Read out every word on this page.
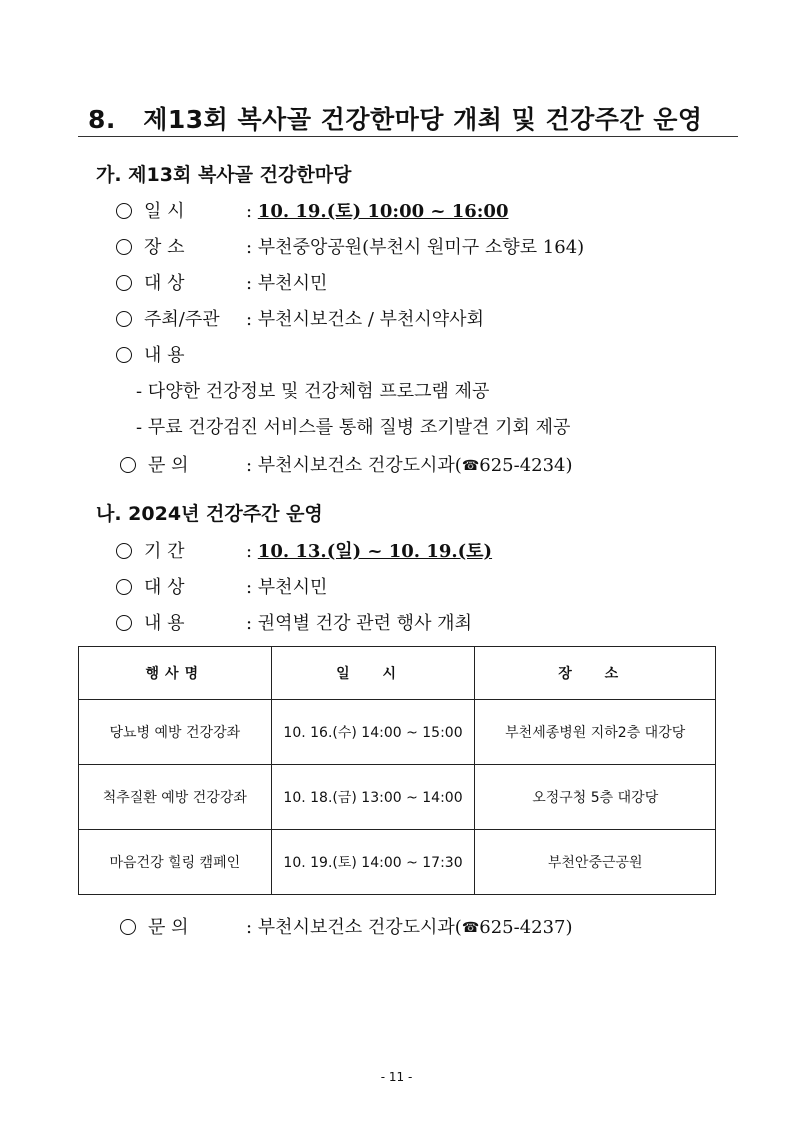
8. 제13회 복사골 건강한마당 개최 및 건강주간 운영
가. 제13회 복사골 건강한마당
일 시	: 10. 19.(토) 10:00 ~ 16:00
장 소	: 부천중앙공원(부천시 원미구 소향로 164)
대 상	: 부천시민
주최/주관 : 부천시보건소 / 부천시약사회
내 용
- 다양한 건강정보 및 건강체험 프로그램 제공
- 무료 건강검진 서비스를 통해 질병 조기발견 기회 제공
문 의	: 부천시보건소 건강도시과(☎625-4234)
나. 2024년 건강주간 운영
기 간	: 10. 13.(일) ~ 10. 19.(토)
대 상	: 부천시민
내 용	: 권역별 건강 관련 행사 개최
행사명	일 시	장 소
당뇨병 예방 건강강좌	10. 16.(수) 14:00 ~ 15:00	부천세종병원 지하2층 대강당
척추질환 예방 건강강좌	10. 18.(금) 13:00 ~ 14:00	오정구청 5층 대강당
마음건강 힐링 캠페인	10. 19.(토) 14:00 ~ 17:30	부천안중근공원
문 의	: 부천시보건소 건강도시과(☎625-4237)
- 11 -
